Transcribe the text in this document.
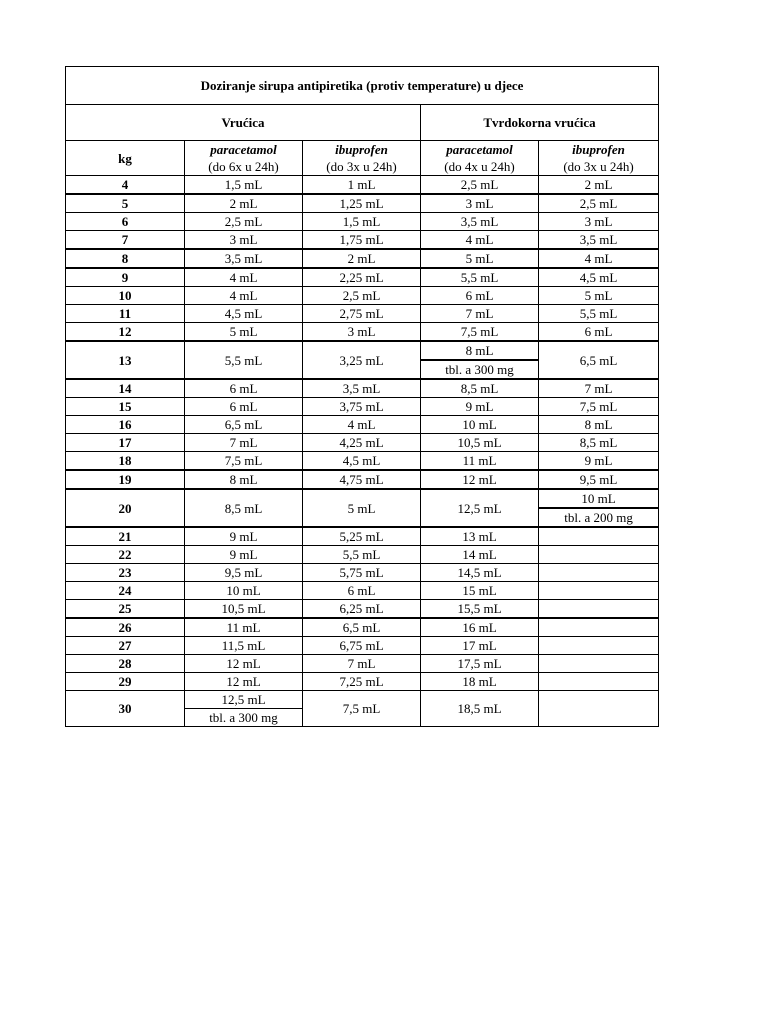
Doziranje sirupa antipiretika (protiv temperature) u djece				
Vrućica			Tvrdokorna vrućica	
kg	paracetamol	ibuprofen	paracetamol	ibuprofen
	(do 6x u 24h)	(do 3x u 24h)	(do 4x u 24h)	(do 3x u 24h)
4	1,5 mL	1 mL	2,5 mL	2 mL
5	2 mL	1,25 mL	3 mL	2,5 mL
6	2,5 mL	1,5 mL	3,5 mL	3 mL
7	3 mL	1,75 mL	4 mL	3,5 mL
8	3,5 mL	2 mL	5 mL	4 mL
9	4 mL	2,25 mL	5,5 mL	4,5 mL
10	4 mL	2,5 mL	6 mL	5 mL
11	4,5 mL	2,75 mL	7 mL	5,5 mL
12	5 mL	3 mL	7,5 mL	6 mL
13	5,5 mL	3,25 mL	8 mL	6,5 mL
			tbl. a 300 mg	
14	6 mL	3,5 mL	8,5 mL	7 mL
15	6 mL	3,75 mL	9 mL	7,5 mL
16	6,5 mL	4 mL	10 mL	8 mL
17	7 mL	4,25 mL	10,5 mL	8,5 mL
18	7,5 mL	4,5 mL	11 mL	9 mL
19	8 mL	4,75 mL	12 mL	9,5 mL
20	8,5 mL	5 mL	12,5 mL	10 mL
				tbl. a 200 mg
21	9 mL	5,25 mL	13 mL	
22	9 mL	5,5 mL	14 mL	
23	9,5 mL	5,75 mL	14,5 mL	
24	10 mL	6 mL	15 mL	
25	10,5 mL	6,25 mL	15,5 mL	
26	11 mL	6,5 mL	16 mL	
27	11,5 mL	6,75 mL	17 mL	
28	12 mL	7 mL	17,5 mL	
29	12 mL	7,25 mL	18 mL	
30	12,5 mL	7,5 mL	18,5 mL	
	tbl. a 300 mg			
